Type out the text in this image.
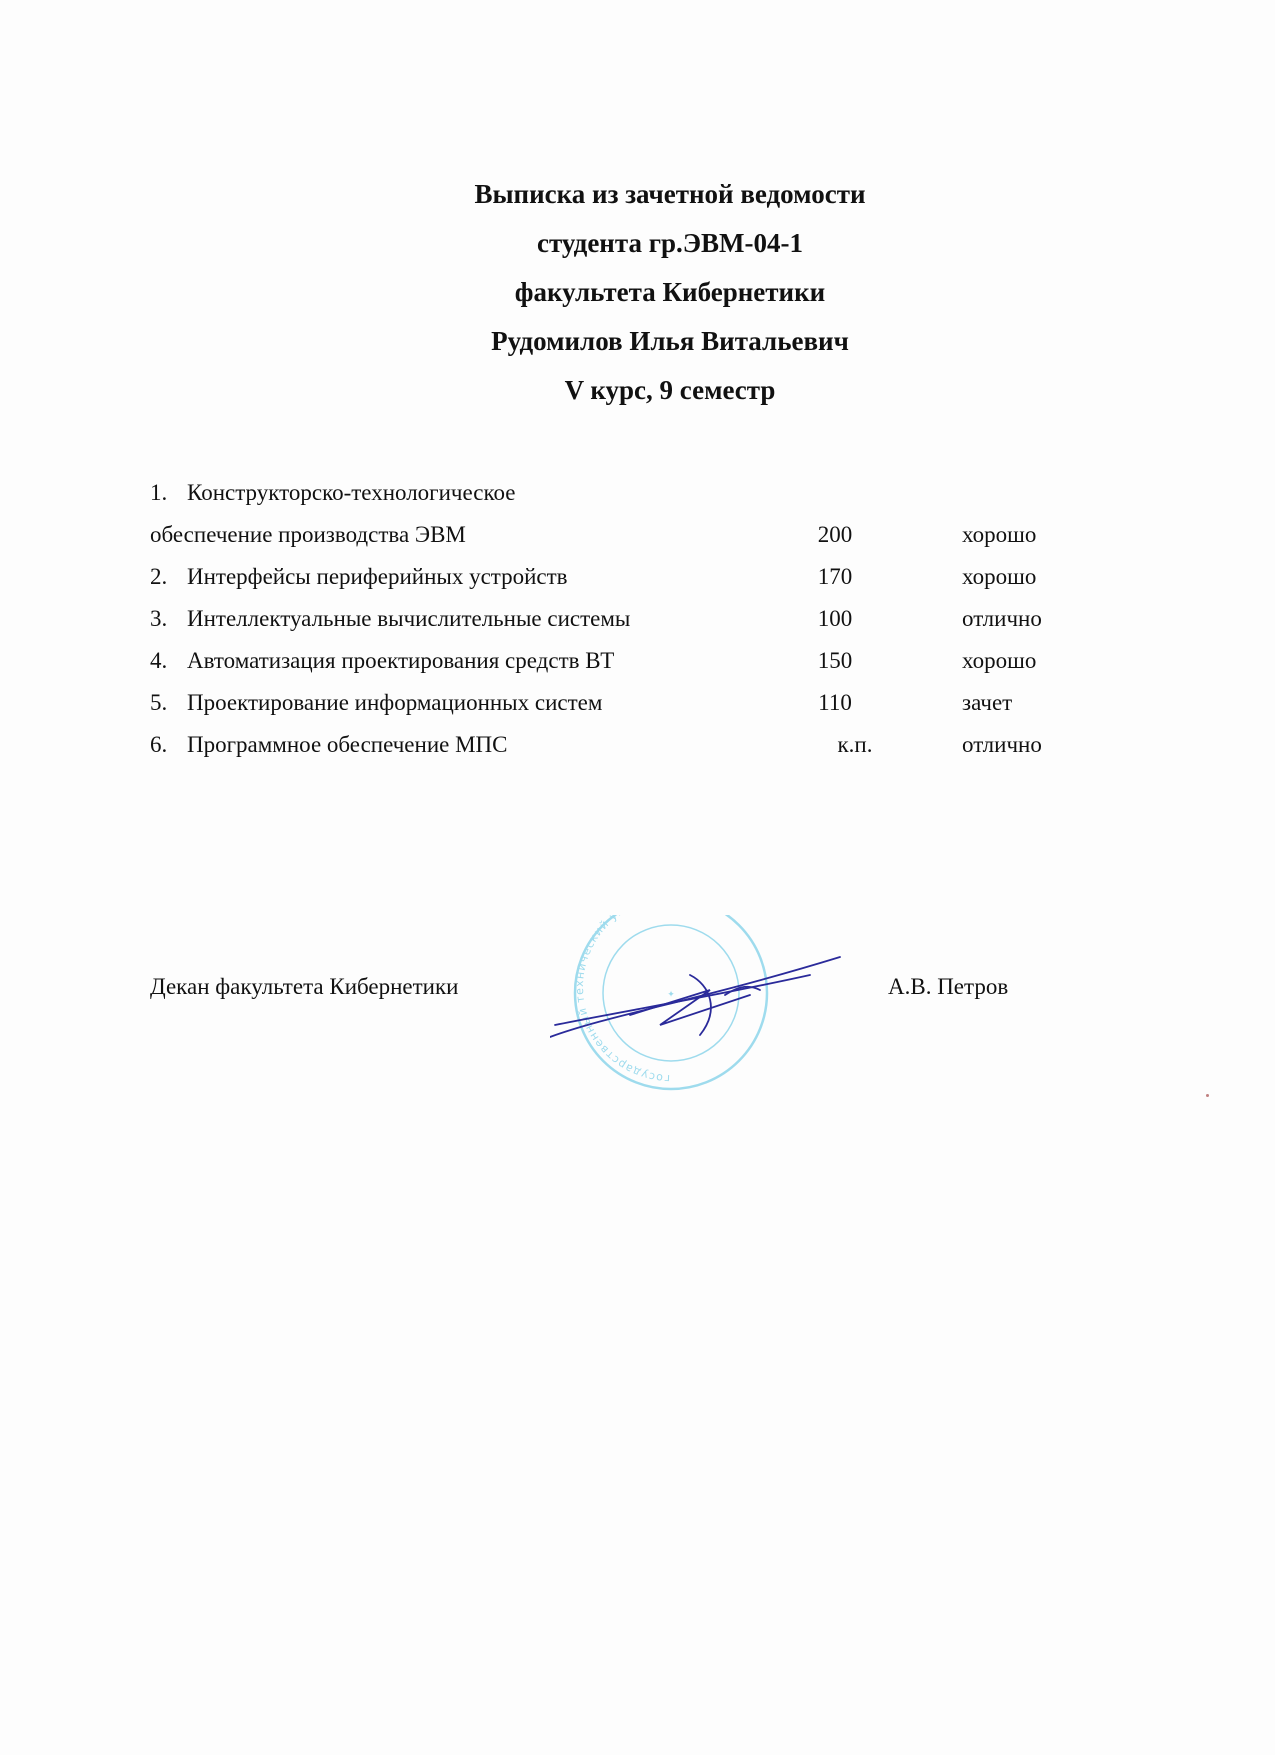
Выписка из зачетной ведомости
студента гр.ЭВМ-04-1
факультета Кибернетики
Рудомилов Илья Витальевич
V курс, 9 семестр
1. Конструкторско-технологическое
обеспечение производства ЭВМ	200	хорошо
2. Интерфейсы периферийных устройств	170	хорошо
3. Интеллектуальные вычислительные системы	100	отлично
4. Автоматизация проектирования средств ВТ	150	хорошо
5. Проектирование информационных систем	110	зачет
6. Программное обеспечение МПС	к.п.	отлично
Декан факультета Кибернетики
государственный технический у
✦	А.В. Петров
